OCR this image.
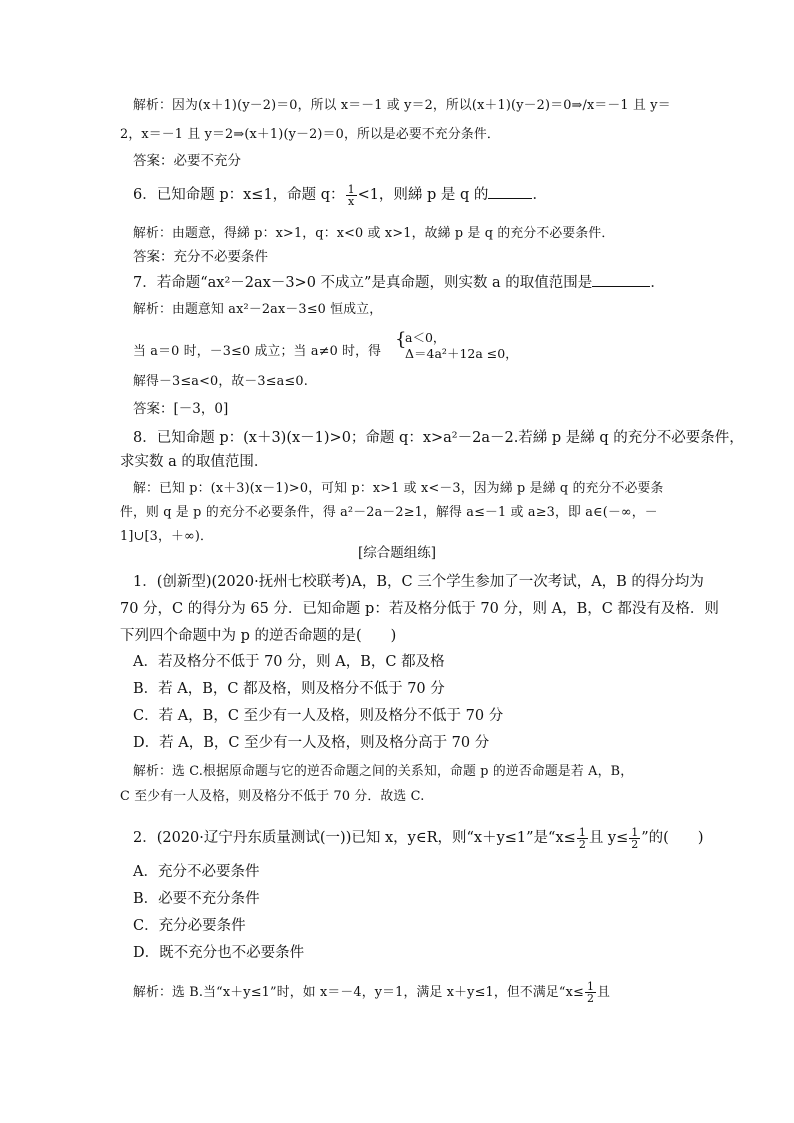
解析：因为(x＋1)(y－2)＝0，所以 x＝－1 或 y＝2，所以(x＋1)(y－2)＝0⇒/x＝－1 且 y＝
2，x＝－1 且 y＝2⇒(x＋1)(y－2)＝0，所以是必要不充分条件．
答案：必要不充分
6．已知命题 p：x≤1，命题 q： $\frac{1}{x} <1$，则綈 p 是 q 的	．
解析：由题意，得綈 p：x>1，q：x<0 或 x>1，故綈 p 是 q 的充分不必要条件．
答案：充分不必要条件
7．若命题“ax²－2ax－3>0 不成立”是真命题，则实数 a 的取值范围是	．
解析：由题意知 ax²－2ax－3≤0 恒成立，
当 a＝0 时，－3≤0 成立；当 a≠0 时，得
{
a＜0，
Δ＝4a²＋12a ≤0，
解得－3≤a<0，故－3≤a≤0.
答案：[－3，0]
8．已知命题 p：(x＋3)(x－1)>0；命题 q：x>a²－2a－2.若綈 p 是綈 q 的充分不必要条件，
求实数 a 的取值范围．
解：已知 p：(x＋3)(x－1)>0，可知 p：x>1 或 x<－3，因为綈 p 是綈 q 的充分不必要条
件，则 q 是 p 的充分不必要条件，得 a²－2a－2≥1，解得 a≤－1 或 a≥3，即 a∈(－∞，－
1]∪[3，＋∞)．
[综合题组练]
1．(创新型)(2020·抚州七校联考)A，B，C 三个学生参加了一次考试，A，B 的得分均为
70 分，C 的得分为 65 分．已知命题 p：若及格分低于 70 分，则 A，B，C 都没有及格．则
下列四个命题中为 p 的逆否命题的是(　　)
A．若及格分不低于 70 分，则 A，B，C 都及格
B．若 A，B，C 都及格，则及格分不低于 70 分
C．若 A，B，C 至少有一人及格，则及格分不低于 70 分
D．若 A，B，C 至少有一人及格，则及格分高于 70 分
解析：选 C.根据原命题与它的逆否命题之间的关系知，命题 p 的逆否命题是若 A，B，
C 至少有一人及格，则及格分不低于 70 分．故选 C.
2．(2020·辽宁丹东质量测试(一))已知 x，y∈R，则“x＋y≤1”是“$x\le \frac{1}{2}$ 且 $y\le \frac{1}{2}$ ”的(　　)
A．充分不必要条件
B．必要不充分条件
C．充分必要条件
D．既不充分也不必要条件
解析：选 B.当“x＋y≤1”时，如 x＝－4，y＝1，满足 x＋y≤1，但不满足“$x\le \frac{1}{2}$ 且
